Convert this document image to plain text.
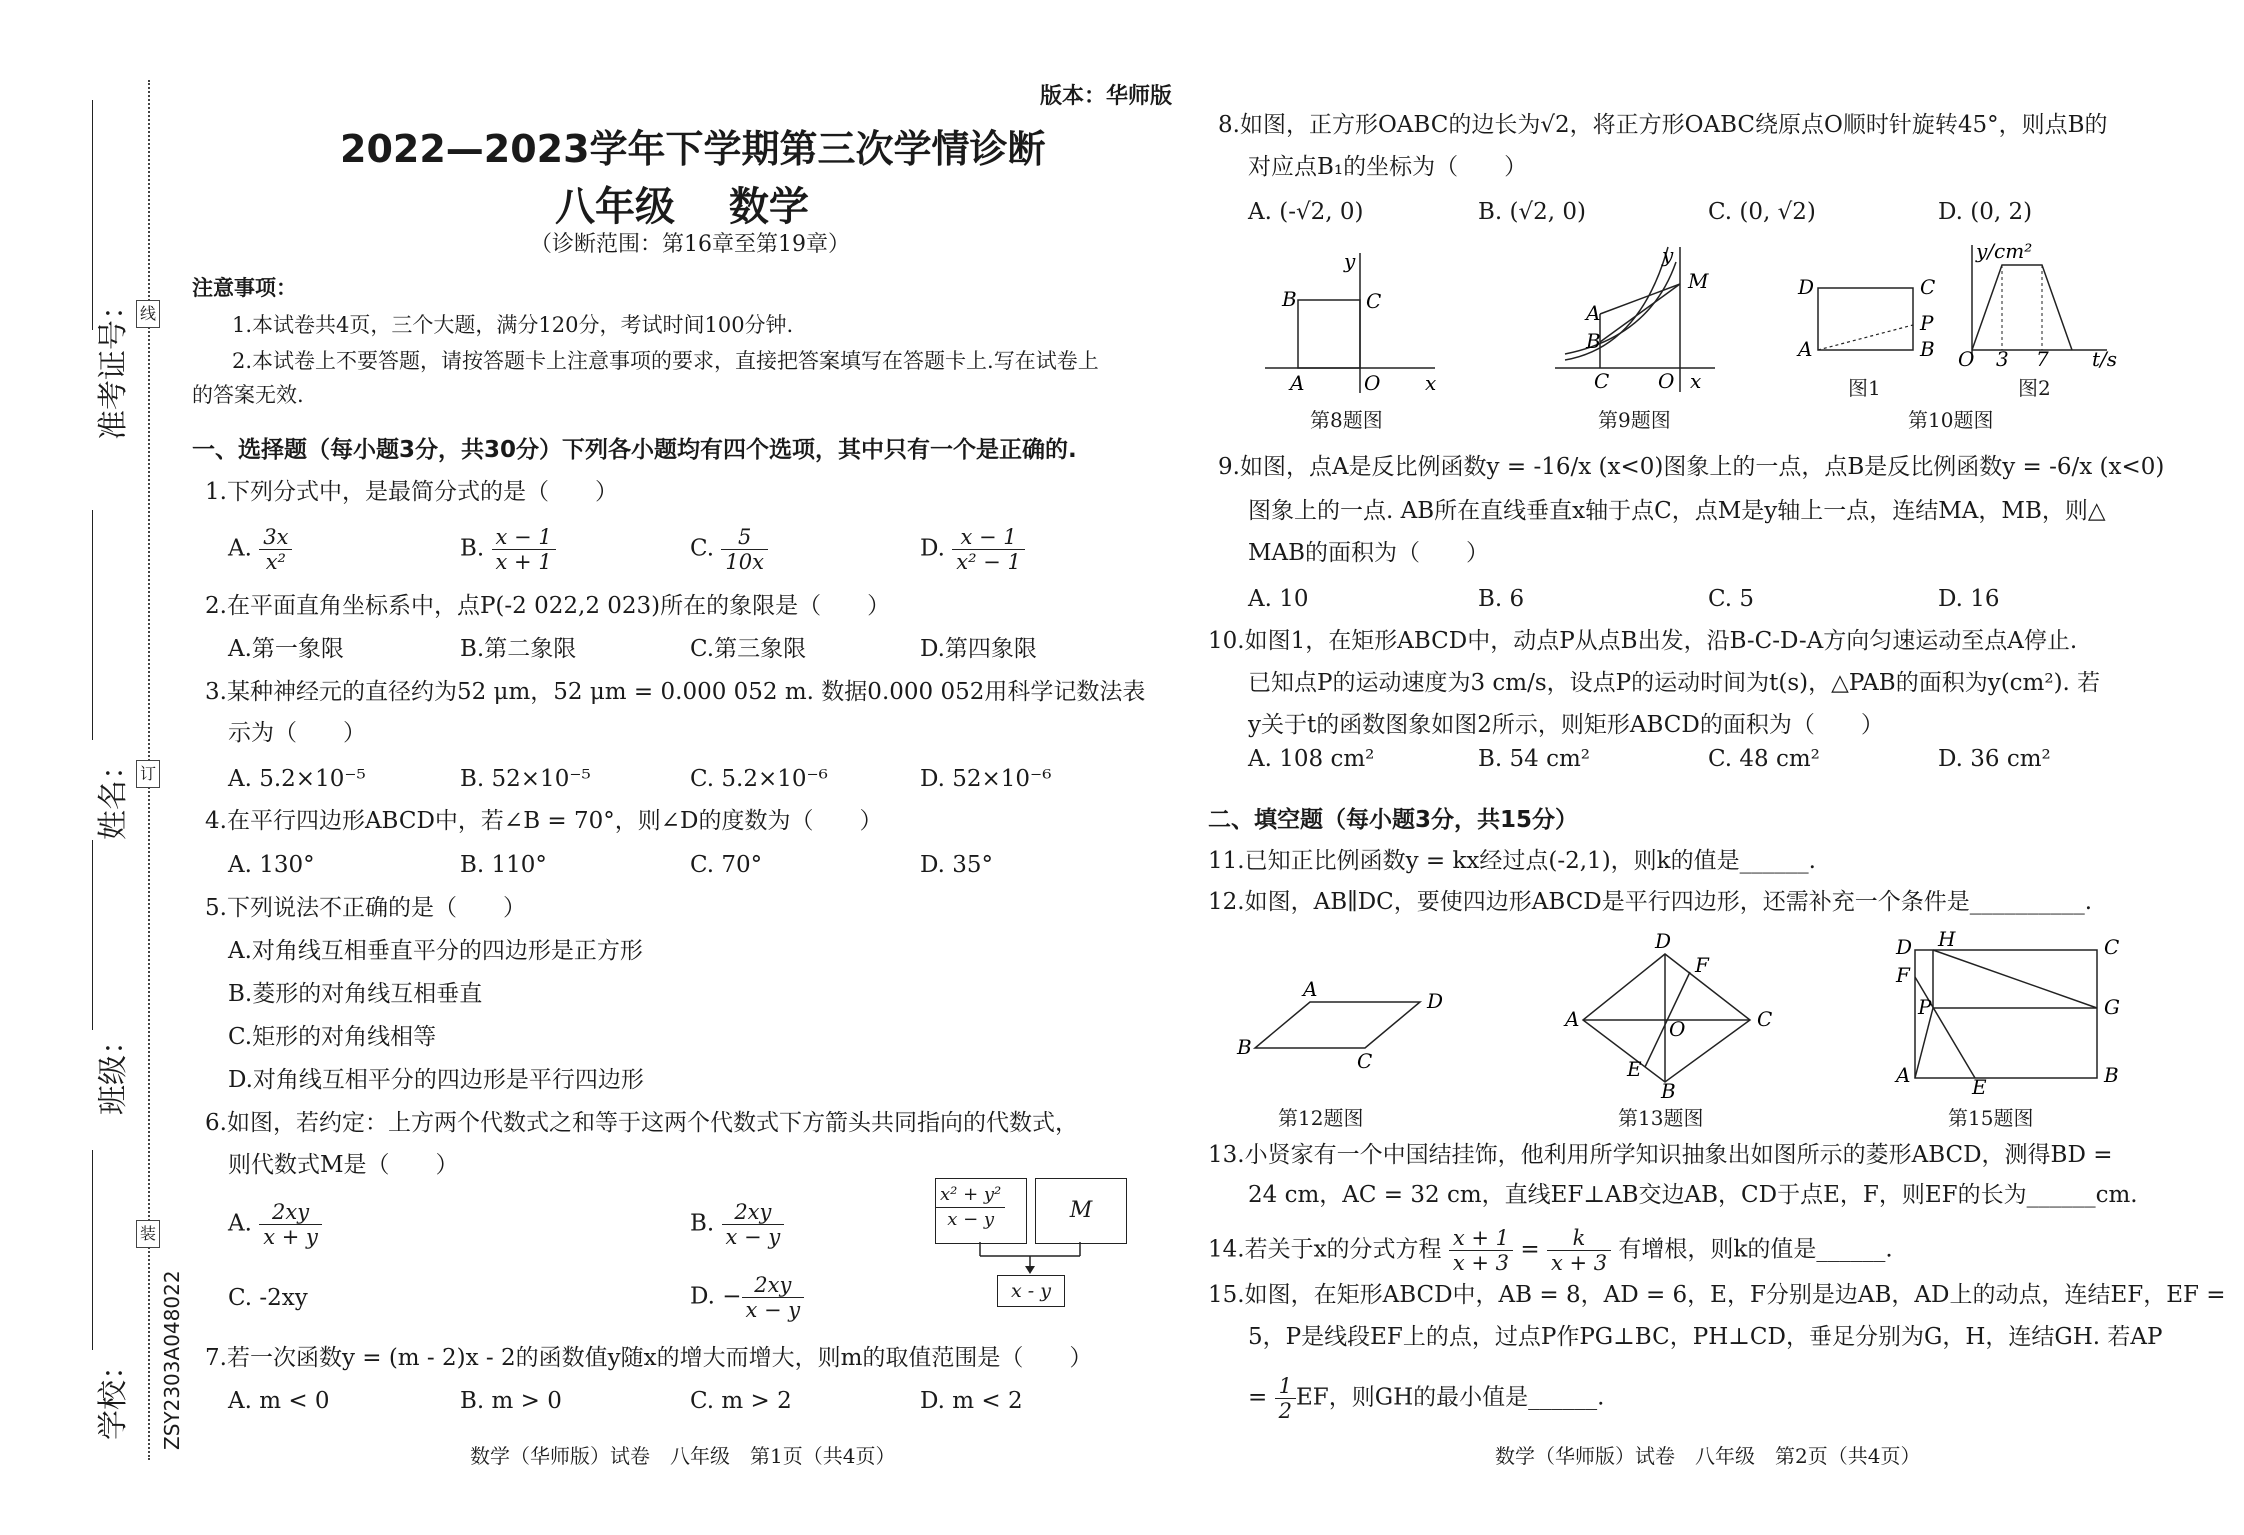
准考证号：
姓名：
班级：
学校：
线
订
装
ZSY2303A048022
版本：华师版
2022—2023学年下学期第三次学情诊断
八年级 数学
（诊断范围：第16章至第19章）
注意事项：
1.本试卷共4页，三个大题，满分120分，考试时间100分钟.
2.本试卷上不要答题，请按答题卡上注意事项的要求，直接把答案填写在答题卡上.写在试卷上
的答案无效.
一、选择题（每小题3分，共30分）下列各小题均有四个选项，其中只有一个是正确的.
1.下列分式中，是最简分式的是（　　）
A. $\frac{3x}{\text{x²}}$	B. $\frac{x - 1}{x + 1}$	C. $\frac{5}{10x}$	D. $\frac{x - 1}{\text{x² − 1}}$
2.在平面直角坐标系中，点P(-2 022,2 023)所在的象限是（　　）
A.第一象限	B.第二象限	C.第三象限	D.第四象限
3.某种神经元的直径约为52 μm，52 μm = 0.000 052 m. 数据0.000 052用科学记数法表
示为（　　）
A. 5.2×10⁻⁵	B. 52×10⁻⁵	C. 5.2×10⁻⁶	D. 52×10⁻⁶
4.在平行四边形ABCD中，若∠B = 70°，则∠D的度数为（　　）
A. 130°	B. 110°	C. 70°	D. 35°
5.下列说法不正确的是（　　）
A.对角线互相垂直平分的四边形是正方形
B.菱形的对角线互相垂直
C.矩形的对角线相等
D.对角线互相平分的四边形是平行四边形
6.如图，若约定：上方两个代数式之和等于这两个代数式下方箭头共同指向的代数式，
则代数式M是（　　）
A. $\frac{2xy}{x + y}$	B. $\frac{2xy}{x - y}$
C. -2xy	D. − $\frac{2xy}{x - y}$
$\frac{\text{x² + y²}}{x - y}$	M
x - y
7.若一次函数y = (m - 2)x - 2的函数值y随x的增大而增大，则m的取值范围是（　　）
A. m < 0	B. m > 0	C. m > 2	D. m < 2
数学（华师版）试卷　八年级　第1页（共4页）
8.如图，正方形OABC的边长为√2，将正方形OABC绕原点O顺时针旋转45°，则点B的
对应点B₁的坐标为（　　）
A. (-√2, 0)	B. (√2, 0)	C. (0, √2)	D. (0, 2)
B	C
A	O x
y
第8题图
A
B
M
C O x
y
第9题图
D	C
A	B
P
图1
y/cm²
O 3 7 t/s
图2
第10题图
9.如图，点A是反比例函数y = -16/x (x<0)图象上的一点，点B是反比例函数y = -6/x (x<0)
图象上的一点. AB所在直线垂直x轴于点C，点M是y轴上一点，连结MA，MB，则△
MAB的面积为（　　）
A. 10	B. 6	C. 5	D. 16
10.如图1，在矩形ABCD中，动点P从点B出发，沿B-C-D-A方向匀速运动至点A停止.
已知点P的运动速度为3 cm/s，设点P的运动时间为t(s)，△PAB的面积为y(cm²). 若
y关于t的函数图象如图2所示，则矩形ABCD的面积为（　　）
A. 108 cm²	B. 54 cm²	C. 48 cm²	D. 36 cm²
二、填空题（每小题3分，共15分）
11.已知正比例函数y = kx经过点(-2,1)，则k的值是______.
12.如图，AB∥DC，要使四边形ABCD是平行四边形，还需补充一个条件是__________.
A	D
B
C
第12题图
D
F
A	C
O
E
B
第13题图
D H	C
F
P	G
A	E	B
第15题图
13.小贤家有一个中国结挂饰，他利用所学知识抽象出如图所示的菱形ABCD，测得BD =
24 cm，AC = 32 cm，直线EF⊥AB交边AB，CD于点E，F，则EF的长为______cm.
14.若关于x的分式方程 $\frac{x + 1}{x + 3} = \frac{k}{x + 3}$ 有增根，则k的值是______.
15.如图，在矩形ABCD中，AB = 8，AD = 6，E，F分别是边AB，AD上的动点，连结EF，EF =
5，P是线段EF上的点，过点P作PG⊥BC，PH⊥CD，垂足分别为G，H，连结GH. 若AP
= $\frac{1}{2}$ EF，则GH的最小值是______.
数学（华师版）试卷　八年级　第2页（共4页）
